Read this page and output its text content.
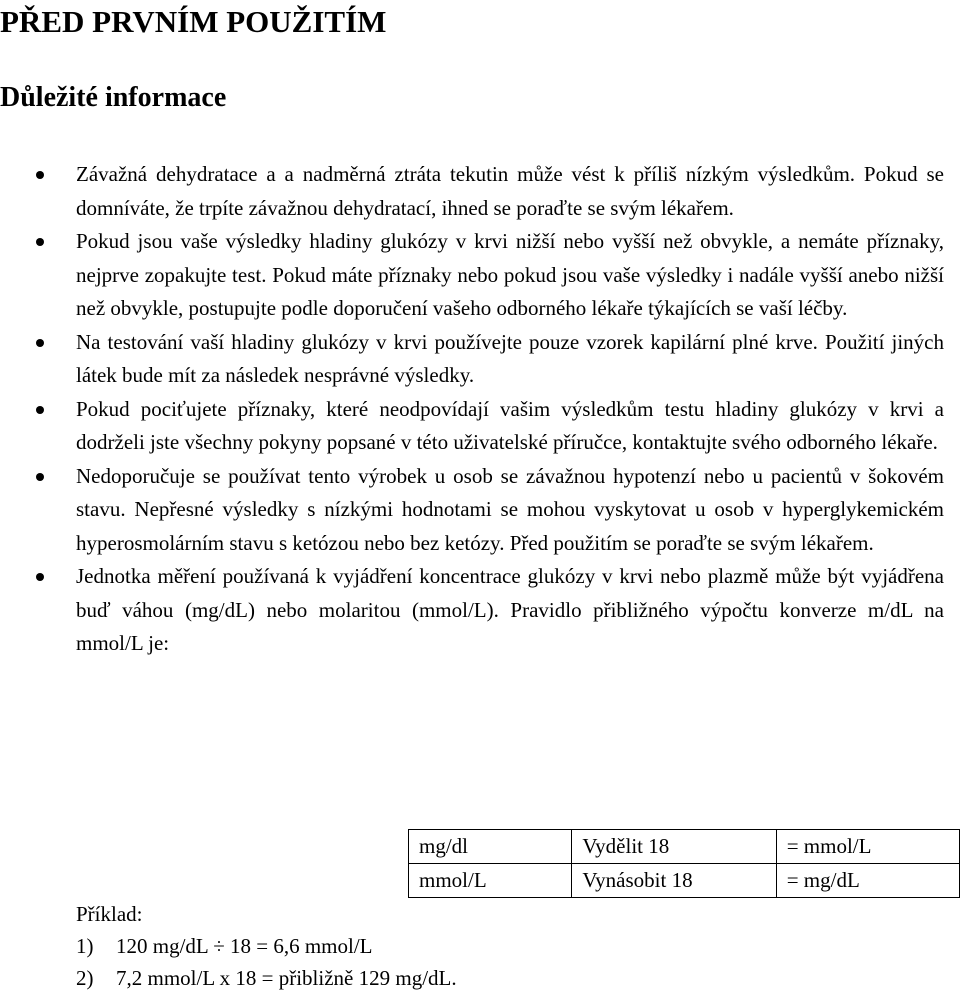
PŘED PRVNÍM POUŽITÍM
Důležité informace
Závažná dehydratace a a nadměrná ztráta tekutin může vést k příliš nízkým výsledkům. Pokud se domníváte, že trpíte závažnou dehydratací, ihned se poraďte se svým lékařem.
Pokud jsou vaše výsledky hladiny glukózy v krvi nižší nebo vyšší než obvykle, a nemáte příznaky, nejprve zopakujte test. Pokud máte příznaky nebo pokud jsou vaše výsledky i nadále vyšší anebo nižší než obvykle, postupujte podle doporučení vašeho odborného lékaře týkajících se vaší léčby.
Na testování vaší hladiny glukózy v krvi používejte pouze vzorek kapilární plné krve. Použití jiných látek bude mít za následek nesprávné výsledky.
Pokud pociťujete příznaky, které neodpovídají vašim výsledkům testu hladiny glukózy v krvi a dodrželi jste všechny pokyny popsané v této uživatelské příručce, kontaktujte svého odborného lékaře.
Nedoporučuje se používat tento výrobek u osob se závažnou hypotenzí nebo u pacientů v šokovém stavu. Nepřesné výsledky s nízkými hodnotami se mohou vyskytovat u osob v hyperglykemickém hyperosmolárním stavu s ketózou nebo bez ketózy. Před použitím se poraďte se svým lékařem.
Jednotka měření používaná k vyjádření koncentrace glukózy v krvi nebo plazmě může být vyjádřena buď váhou (mg/dL) nebo molaritou (mmol/L). Pravidlo přibližného výpočtu konverze m/dL na mmol/L je:
mg/dl	Vydělit 18	= mmol/L
mmol/L	Vynásobit 18	= mg/dL
Příklad:
1) 120 mg/dL ÷ 18 = 6,6 mmol/L
2) 7,2 mmol/L x 18 = přibližně 129 mg/dL.
